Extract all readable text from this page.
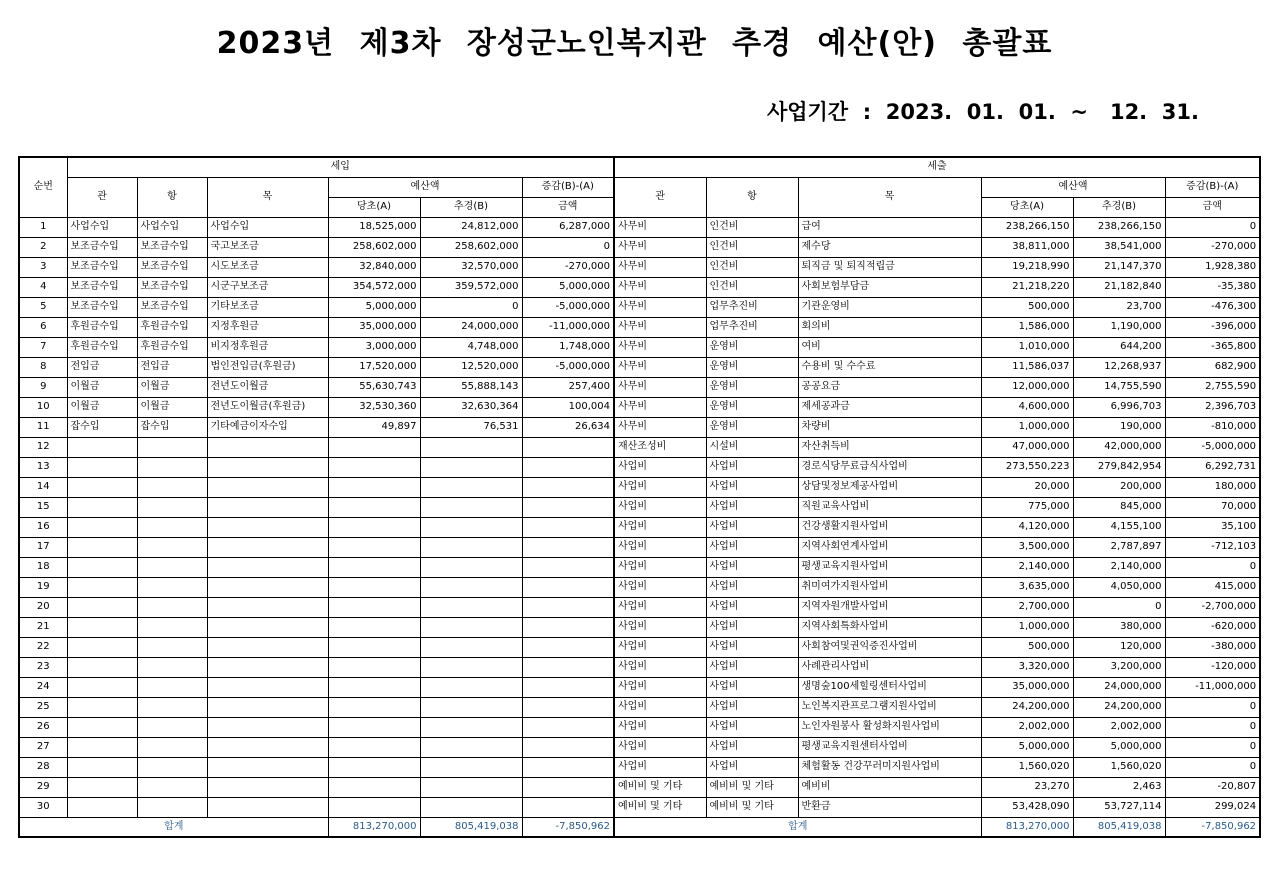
2023년 제3차 장성군노인복지관 추경 예산(안) 총괄표
사업기간  :  2023.  01.  01.  ~   12.  31.
순번	세입						세출					
	관	항	목	예산액		증감(B)-(A)	관	항	목	예산액		증감(B)-(A)
				당초(A)	추경(B)	금액				당초(A)	추경(B)	금액
1	사업수입	사업수입	사업수입	18,525,000	24,812,000	6,287,000	사무비	인건비	급여	238,266,150	238,266,150	0
2	보조금수입	보조금수입	국고보조금	258,602,000	258,602,000	0	사무비	인건비	제수당	38,811,000	38,541,000	-270,000
3	보조금수입	보조금수입	시도보조금	32,840,000	32,570,000	-270,000	사무비	인건비	퇴직금 및 퇴직적립금	19,218,990	21,147,370	1,928,380
4	보조금수입	보조금수입	시군구보조금	354,572,000	359,572,000	5,000,000	사무비	인건비	사회보험부담금	21,218,220	21,182,840	-35,380
5	보조금수입	보조금수입	기타보조금	5,000,000	0	-5,000,000	사무비	업무추진비	기관운영비	500,000	23,700	-476,300
6	후원금수입	후원금수입	지정후원금	35,000,000	24,000,000	-11,000,000	사무비	업무추진비	회의비	1,586,000	1,190,000	-396,000
7	후원금수입	후원금수입	비지정후원금	3,000,000	4,748,000	1,748,000	사무비	운영비	여비	1,010,000	644,200	-365,800
8	전입금	전입금	법인전입금(후원금)	17,520,000	12,520,000	-5,000,000	사무비	운영비	수용비 및 수수료	11,586,037	12,268,937	682,900
9	이월금	이월금	전년도이월금	55,630,743	55,888,143	257,400	사무비	운영비	공공요금	12,000,000	14,755,590	2,755,590
10	이월금	이월금	전년도이월금(후원금)	32,530,360	32,630,364	100,004	사무비	운영비	제세공과금	4,600,000	6,996,703	2,396,703
11	잡수입	잡수입	기타예금이자수입	49,897	76,531	26,634	사무비	운영비	차량비	1,000,000	190,000	-810,000
12							재산조성비	시설비	자산취득비	47,000,000	42,000,000	-5,000,000
13							사업비	사업비	경로식당무료급식사업비	273,550,223	279,842,954	6,292,731
14							사업비	사업비	상담및정보제공사업비	20,000	200,000	180,000
15							사업비	사업비	직원교육사업비	775,000	845,000	70,000
16							사업비	사업비	건강생활지원사업비	4,120,000	4,155,100	35,100
17							사업비	사업비	지역사회연계사업비	3,500,000	2,787,897	-712,103
18							사업비	사업비	평생교육지원사업비	2,140,000	2,140,000	0
19							사업비	사업비	취미여가지원사업비	3,635,000	4,050,000	415,000
20							사업비	사업비	지역자원개발사업비	2,700,000	0	-2,700,000
21							사업비	사업비	지역사회특화사업비	1,000,000	380,000	-620,000
22							사업비	사업비	사회참여및권익증진사업비	500,000	120,000	-380,000
23							사업비	사업비	사례관리사업비	3,320,000	3,200,000	-120,000
24							사업비	사업비	생명숲100세힐링센터사업비	35,000,000	24,000,000	-11,000,000
25							사업비	사업비	노인복지관프로그램지원사업비	24,200,000	24,200,000	0
26							사업비	사업비	노인자원봉사 활성화지원사업비	2,002,000	2,002,000	0
27							사업비	사업비	평생교육지원센터사업비	5,000,000	5,000,000	0
28							사업비	사업비	체험활동 건강꾸러미지원사업비	1,560,020	1,560,020	0
29							예비비 및 기타	예비비 및 기타	예비비	23,270	2,463	-20,807
30							예비비 및 기타	예비비 및 기타	반환금	53,428,090	53,727,114	299,024
합계				813,270,000	805,419,038	-7,850,962	합계			813,270,000	805,419,038	-7,850,962
